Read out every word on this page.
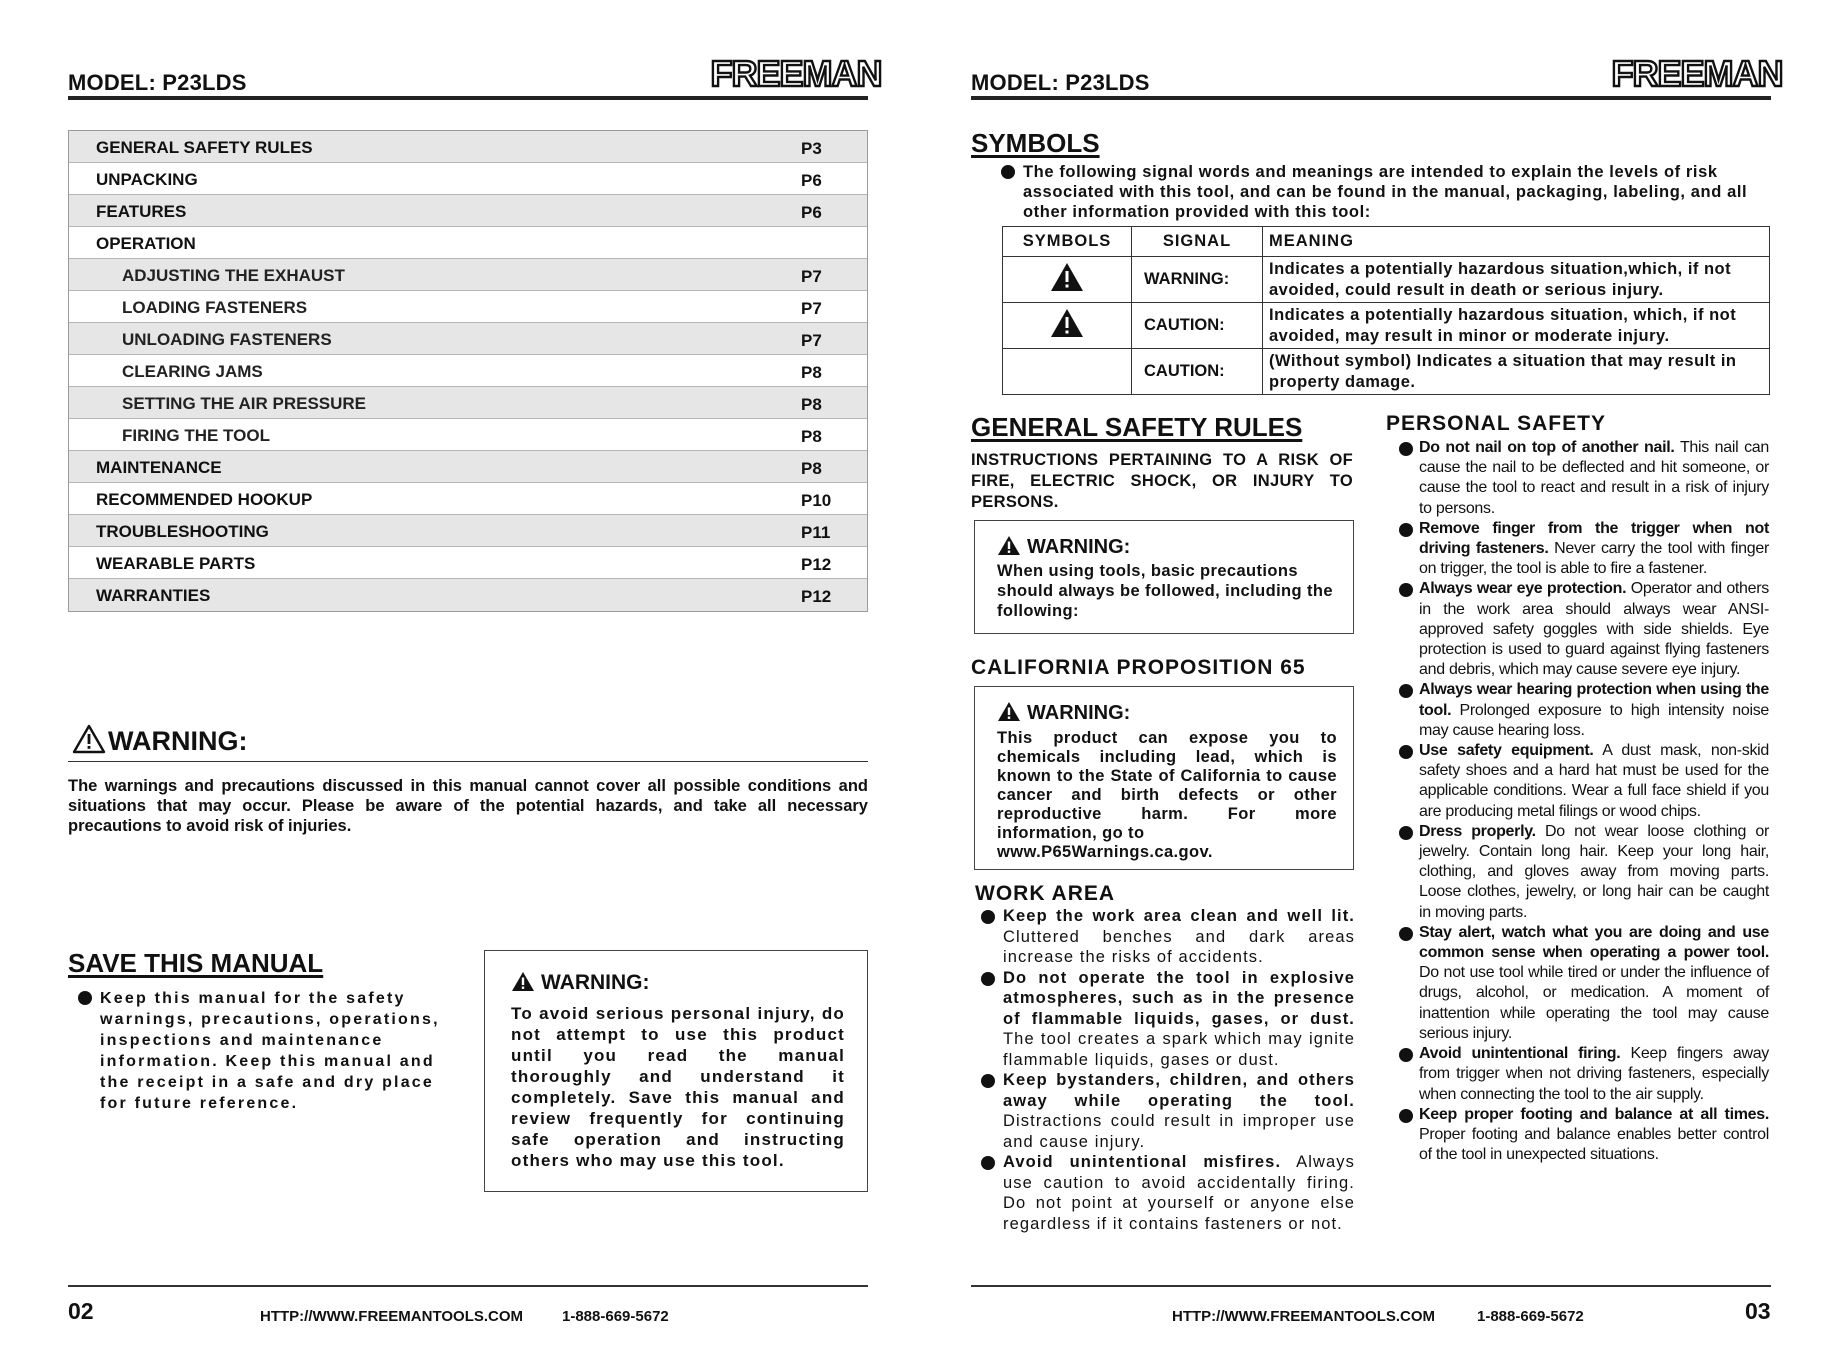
MODEL: P23LDS	FREEMAN
GENERAL SAFETY RULES	P3
UNPACKING	P6
FEATURES	P6
OPERATION
ADJUSTING THE EXHAUST	P7
LOADING FASTENERS	P7
UNLOADING FASTENERS	P7
CLEARING JAMS	P8
SETTING THE AIR PRESSURE	P8
FIRING THE TOOL	P8
MAINTENANCE	P8
RECOMMENDED HOOKUP	P10
TROUBLESHOOTING	P11
WEARABLE PARTS	P12
WARRANTIES	P12
WARNING:
The warnings and precautions discussed in this manual cannot cover all possible conditions and situations that may occur. Please be aware of the potential hazards, and take all necessary precautions to avoid risk of injuries.
SAVE THIS MANUAL
Keep this manual for the safety warnings, precautions, operations, inspections and maintenance information. Keep this manual and the receipt in a safe and dry place for future reference.
WARNING:
To avoid serious personal injury, do not attempt to use this product until you read the manual thoroughly and understand it completely. Save this manual and review frequently for continuing safe operation and instructing others who may use this tool.
02	HTTP://WWW.FREEMANTOOLS.COM	1-888-669-5672
MODEL: P23LDS	FREEMAN
SYMBOLS
The following signal words and meanings are intended to explain the levels of risk associated with this tool, and can be found in the manual, packaging, labeling, and all other information provided with this tool:
SYMBOLS	SIGNAL	MEANING
	WARNING:	Indicates a potentially hazardous situation,which, if not avoided, could result in death or serious injury.
	CAUTION:	Indicates a potentially hazardous situation, which, if not avoided, may result in minor or moderate injury.
	CAUTION:	(Without symbol) Indicates a situation that may result in property damage.
GENERAL SAFETY RULES
INSTRUCTIONS PERTAINING TO A RISK OF FIRE, ELECTRIC SHOCK, OR INJURY TO PERSONS.
WARNING:
When using tools, basic precautions should always be followed, including the following:
CALIFORNIA PROPOSITION 65
WARNING:
This product can expose you to chemicals including lead, which is known to the State of California to cause cancer and birth defects or other reproductive harm. For more information, go to
www.P65Warnings.ca.gov.
WORK AREA
Keep the work area clean and well lit. Cluttered benches and dark areas increase the risks of accidents.
Do not operate the tool in explosive atmospheres, such as in the presence of flammable liquids, gases, or dust. The tool creates a spark which may ignite flammable liquids, gases or dust.
Keep bystanders, children, and others away while operating the tool. Distractions could result in improper use and cause injury.
Avoid unintentional misfires. Always use caution to avoid accidentally firing. Do not point at yourself or anyone else regardless if it contains fasteners or not.
PERSONAL SAFETY
Do not nail on top of another nail. This nail can cause the nail to be deflected and hit someone, or cause the tool to react and result in a risk of injury to persons.
Remove finger from the trigger when not driving fasteners. Never carry the tool with finger on trigger, the tool is able to fire a fastener.
Always wear eye protection. Operator and others in the work area should always wear ANSI-approved safety goggles with side shields. Eye protection is used to guard against flying fasteners and debris, which may cause severe eye injury.
Always wear hearing protection when using the tool. Prolonged exposure to high intensity noise may cause hearing loss.
Use safety equipment. A dust mask, non-skid safety shoes and a hard hat must be used for the applicable conditions. Wear a full face shield if you are producing metal filings or wood chips.
Dress properly. Do not wear loose clothing or jewelry. Contain long hair. Keep your long hair, clothing, and gloves away from moving parts. Loose clothes, jewelry, or long hair can be caught in moving parts.
Stay alert, watch what you are doing and use common sense when operating a power tool. Do not use tool while tired or under the influence of drugs, alcohol, or medication. A moment of inattention while operating the tool may cause serious injury.
Avoid unintentional firing. Keep fingers away from trigger when not driving fasteners, especially when connecting the tool to the air supply.
Keep proper footing and balance at all times. Proper footing and balance enables better control of the tool in unexpected situations.
HTTP://WWW.FREEMANTOOLS.COM	1-888-669-5672	03
